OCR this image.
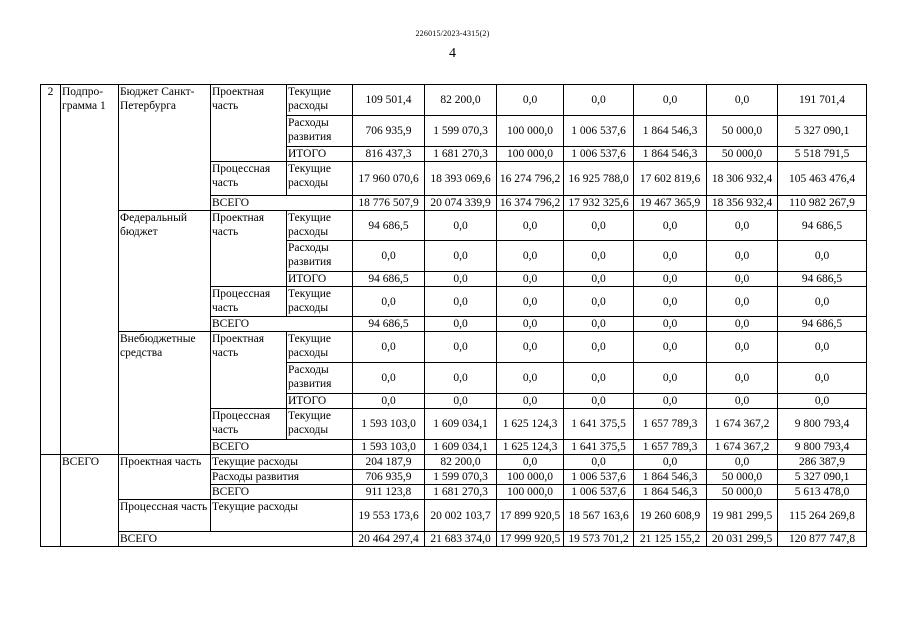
226015/2023-4315(2)
4
2	Подпро-грамма 1	Бюджет Санкт-Петербурга	Проектная часть	Текущие расходы	109 501,4	82 200,0	0,0	0,0	0,0	0,0	191 701,4
				Расходы развития	706 935,9	1 599 070,3	100 000,0	1 006 537,6	1 864 546,3	50 000,0	5 327 090,1
				ИТОГО	816 437,3	1 681 270,3	100 000,0	1 006 537,6	1 864 546,3	50 000,0	5 518 791,5
			Процессная часть	Текущие расходы	17 960 070,6	18 393 069,6	16 274 796,2	16 925 788,0	17 602 819,6	18 306 932,4	105 463 476,4
			ВСЕГО		18 776 507,9	20 074 339,9	16 374 796,2	17 932 325,6	19 467 365,9	18 356 932,4	110 982 267,9
		Федеральный бюджет	Проектная часть	Текущие расходы	94 686,5	0,0	0,0	0,0	0,0	0,0	94 686,5
				Расходы развития	0,0	0,0	0,0	0,0	0,0	0,0	0,0
				ИТОГО	94 686,5	0,0	0,0	0,0	0,0	0,0	94 686,5
			Процессная часть	Текущие расходы	0,0	0,0	0,0	0,0	0,0	0,0	0,0
			ВСЕГО		94 686,5	0,0	0,0	0,0	0,0	0,0	94 686,5
		Внебюджетные средства	Проектная часть	Текущие расходы	0,0	0,0	0,0	0,0	0,0	0,0	0,0
				Расходы развития	0,0	0,0	0,0	0,0	0,0	0,0	0,0
				ИТОГО	0,0	0,0	0,0	0,0	0,0	0,0	0,0
			Процессная часть	Текущие расходы	1 593 103,0	1 609 034,1	1 625 124,3	1 641 375,5	1 657 789,3	1 674 367,2	9 800 793,4
			ВСЕГО		1 593 103,0	1 609 034,1	1 625 124,3	1 641 375,5	1 657 789,3	1 674 367,2	9 800 793,4
	ВСЕГО	Проектная часть	Текущие расходы		204 187,9	82 200,0	0,0	0,0	0,0	0,0	286 387,9
			Расходы развития		706 935,9	1 599 070,3	100 000,0	1 006 537,6	1 864 546,3	50 000,0	5 327 090,1
			ВСЕГО		911 123,8	1 681 270,3	100 000,0	1 006 537,6	1 864 546,3	50 000,0	5 613 478,0
		Процессная часть	Текущие расходы		19 553 173,6	20 002 103,7	17 899 920,5	18 567 163,6	19 260 608,9	19 981 299,5	115 264 269,8
		ВСЕГО			20 464 297,4	21 683 374,0	17 999 920,5	19 573 701,2	21 125 155,2	20 031 299,5	120 877 747,8
